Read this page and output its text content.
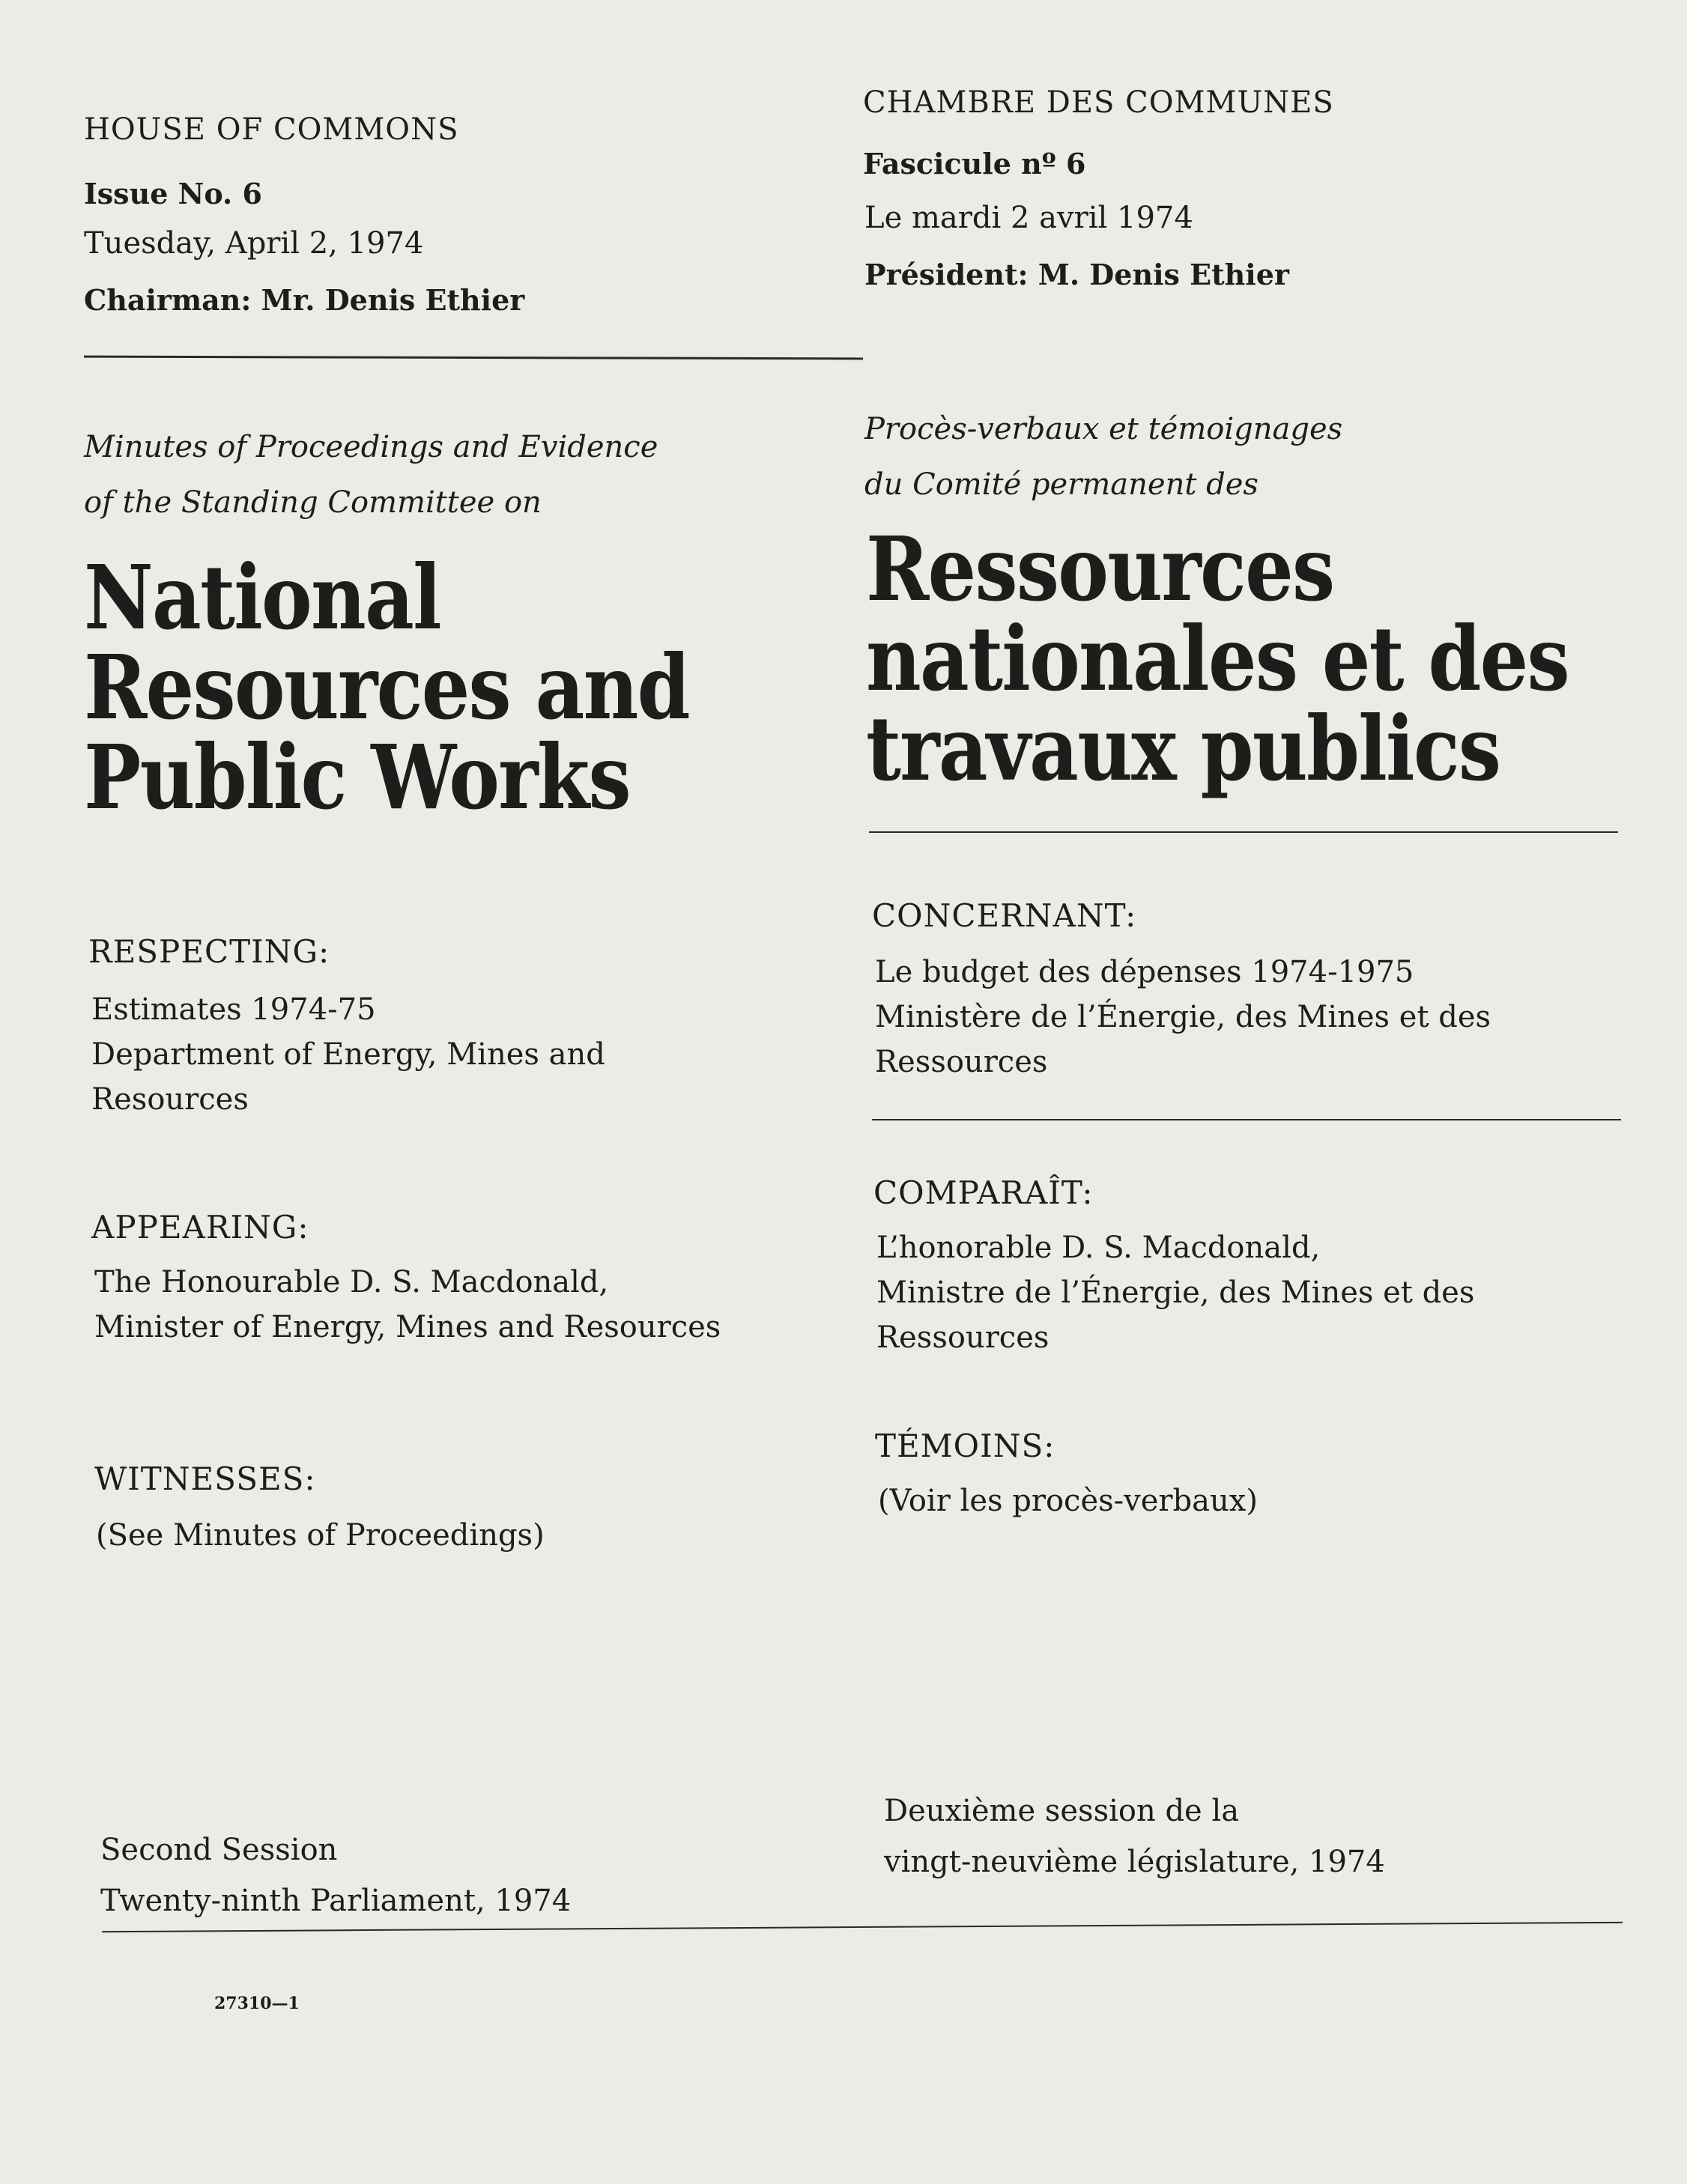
HOUSE OF COMMONS
Issue No. 6
Tuesday, April 2, 1974
Chairman: Mr. Denis Ethier
Minutes of Proceedings and Evidence
of the Standing Committee on
National
Resources and
Public Works
RESPECTING:
Estimates 1974-75
Department of Energy, Mines and
Resources
APPEARING:
The Honourable D. S. Macdonald,
Minister of Energy, Mines and Resources
WITNESSES:
(See Minutes of Proceedings)
Second Session
Twenty-ninth Parliament, 1974
27310—1
CHAMBRE DES COMMUNES
Fascicule nº 6
Le mardi 2 avril 1974
Président: M. Denis Ethier
Procès-verbaux et témoignages
du Comité permanent des
Ressources
nationales et des
travaux publics
CONCERNANT:
Le budget des dépenses 1974-1975
Ministère de l’Énergie, des Mines et des
Ressources
COMPARAÎT:
L’honorable D. S. Macdonald,
Ministre de l’Énergie, des Mines et des
Ressources
TÉMOINS:
(Voir les procès-verbaux)
Deuxième session de la
vingt-neuvième législature, 1974
